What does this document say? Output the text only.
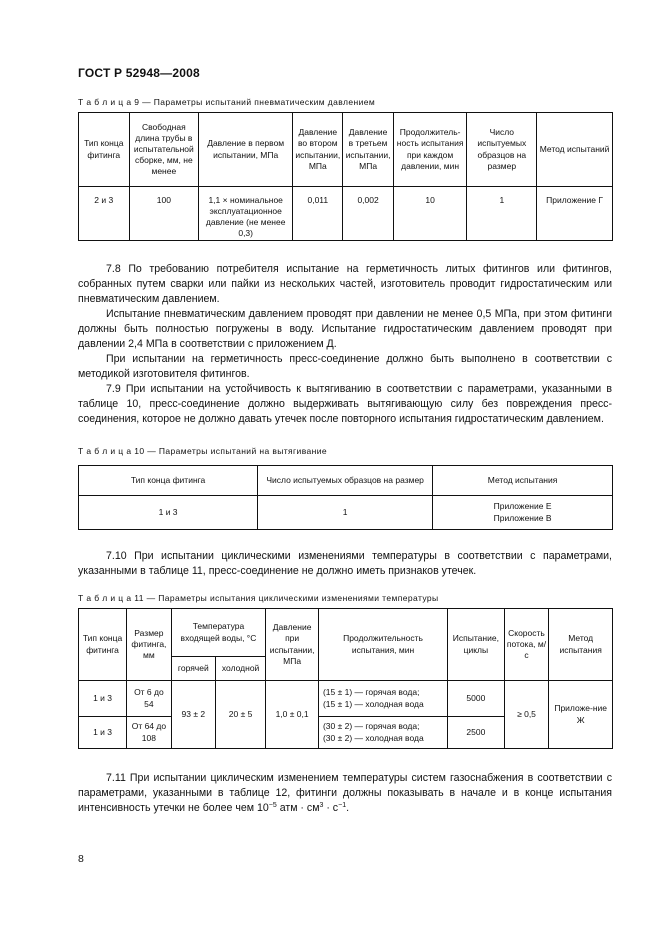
ГОСТ Р 52948—2008
Т а б л и ц а 9 — Параметры испытаний пневматическим давлением
Тип конца фитинга	Свободная длина трубы в испытательной сборке, мм, не менее	Давление в первом испытании, МПа	Давление во втором испытании, МПа	Давление в третьем испытании, МПа	Продолжитель-ность испытания при каждом давлении, мин	Число испытуемых образцов на размер	Метод испытаний
2 и 3	100	1,1 × номинальное эксплуатационное давление (не менее 0,3)	0,011	0,002	10	1	Приложение Г

7.8 По требованию потребителя испытание на герметичность литых фитингов или фитингов, собранных путем сварки или пайки из нескольких частей, изготовитель проводит гидростатическим или пневматическим давлением.

Испытание пневматическим давлением проводят при давлении не менее 0,5 МПа, при этом фитинги должны быть полностью погружены в воду. Испытание гидростатическим давлением проводят при давлении 2,4 МПа в соответствии с приложением Д.

При испытании на герметичность пресс-соединение должно быть выполнено в соответствии с методикой изготовителя фитингов.

7.9 При испытании на устойчивость к вытягиванию в соответствии с параметрами, указанными в таблице 10, пресс-соединение должно выдерживать вытягивающую силу без повреждения пресс-соединения, которое не должно давать утечек после повторного испытания гидростатическим давлением.

Т а б л и ц а 10 — Параметры испытаний на вытягивание
Тип конца фитинга	Число испытуемых образцов на размер	Метод испытания
1 и 3	1	Приложение Е
Приложение В

7.10 При испытании циклическими изменениями температуры в соответствии с параметрами, указанными в таблице 11, пресс-соединение не должно иметь признаков утечек.

Т а б л и ц а 11 — Параметры испытания циклическими изменениями температуры
Тип конца фитинга	Размер фитинга, мм	Температура входящей воды, °С		Давление при испытании, МПа	Продолжительность испытания, мин	Испытание, циклы	Скорость потока, м/с	Метод испытания
		горячей	холодной					
1 и 3	От 6 до 54	93 ± 2	20 ± 5	1,0 ± 0,1	(15 ± 1) — горячая вода;
(15 ± 1) — холодная вода	5000	≥ 0,5	Приложе-ние Ж
1 и 3	От 64 до 108				(30 ± 2) — горячая вода;
(30 ± 2) — холодная вода	2500		

7.11 При испытании циклическим изменением температуры систем газоснабжения в соответствии с параметрами, указанными в таблице 12, фитинги должны показывать в начале и в конце испытания интенсивность утечки не более чем $10^{-5}$ атм · $см^3 \cdot с^{-1}$.

8
